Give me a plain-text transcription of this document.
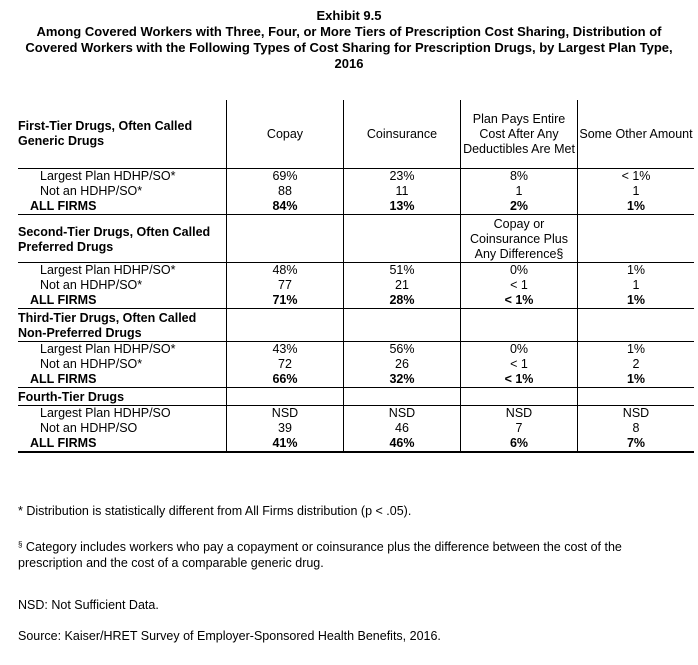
Exhibit 9.5
Among Covered Workers with Three, Four, or More Tiers of Prescription Cost Sharing, Distribution of Covered Workers with the Following Types of Cost Sharing for Prescription Drugs, by Largest Plan Type, 2016
First-Tier Drugs, Often Called Generic Drugs	Copay	Coinsurance	Plan Pays Entire Cost After Any Deductibles Are Met	Some Other Amount
Largest Plan HDHP/SO*	69%	23%	8%	< 1%
Not an HDHP/SO*	88	11	1	1
ALL FIRMS	84%	13%	2%	1%
Second-Tier Drugs, Often Called Preferred Drugs			Copay or Coinsurance Plus Any Difference§	
Largest Plan HDHP/SO*	48%	51%	0%	1%
Not an HDHP/SO*	77	21	< 1	1
ALL FIRMS	71%	28%	< 1%	1%
Third-Tier Drugs, Often Called Non-Preferred Drugs				
Largest Plan HDHP/SO*	43%	56%	0%	1%
Not an HDHP/SO*	72	26	< 1	2
ALL FIRMS	66%	32%	< 1%	1%
Fourth-Tier Drugs				
Largest Plan HDHP/SO	NSD	NSD	NSD	NSD
Not an HDHP/SO	39	46	7	8
ALL FIRMS	41%	46%	6%	7%
* Distribution is statistically different from All Firms distribution (p < .05).
§ Category includes workers who pay a copayment or coinsurance plus the difference between the cost of the prescription and the cost of a comparable generic drug.
NSD: Not Sufficient Data.
Source: Kaiser/HRET Survey of Employer-Sponsored Health Benefits, 2016.
